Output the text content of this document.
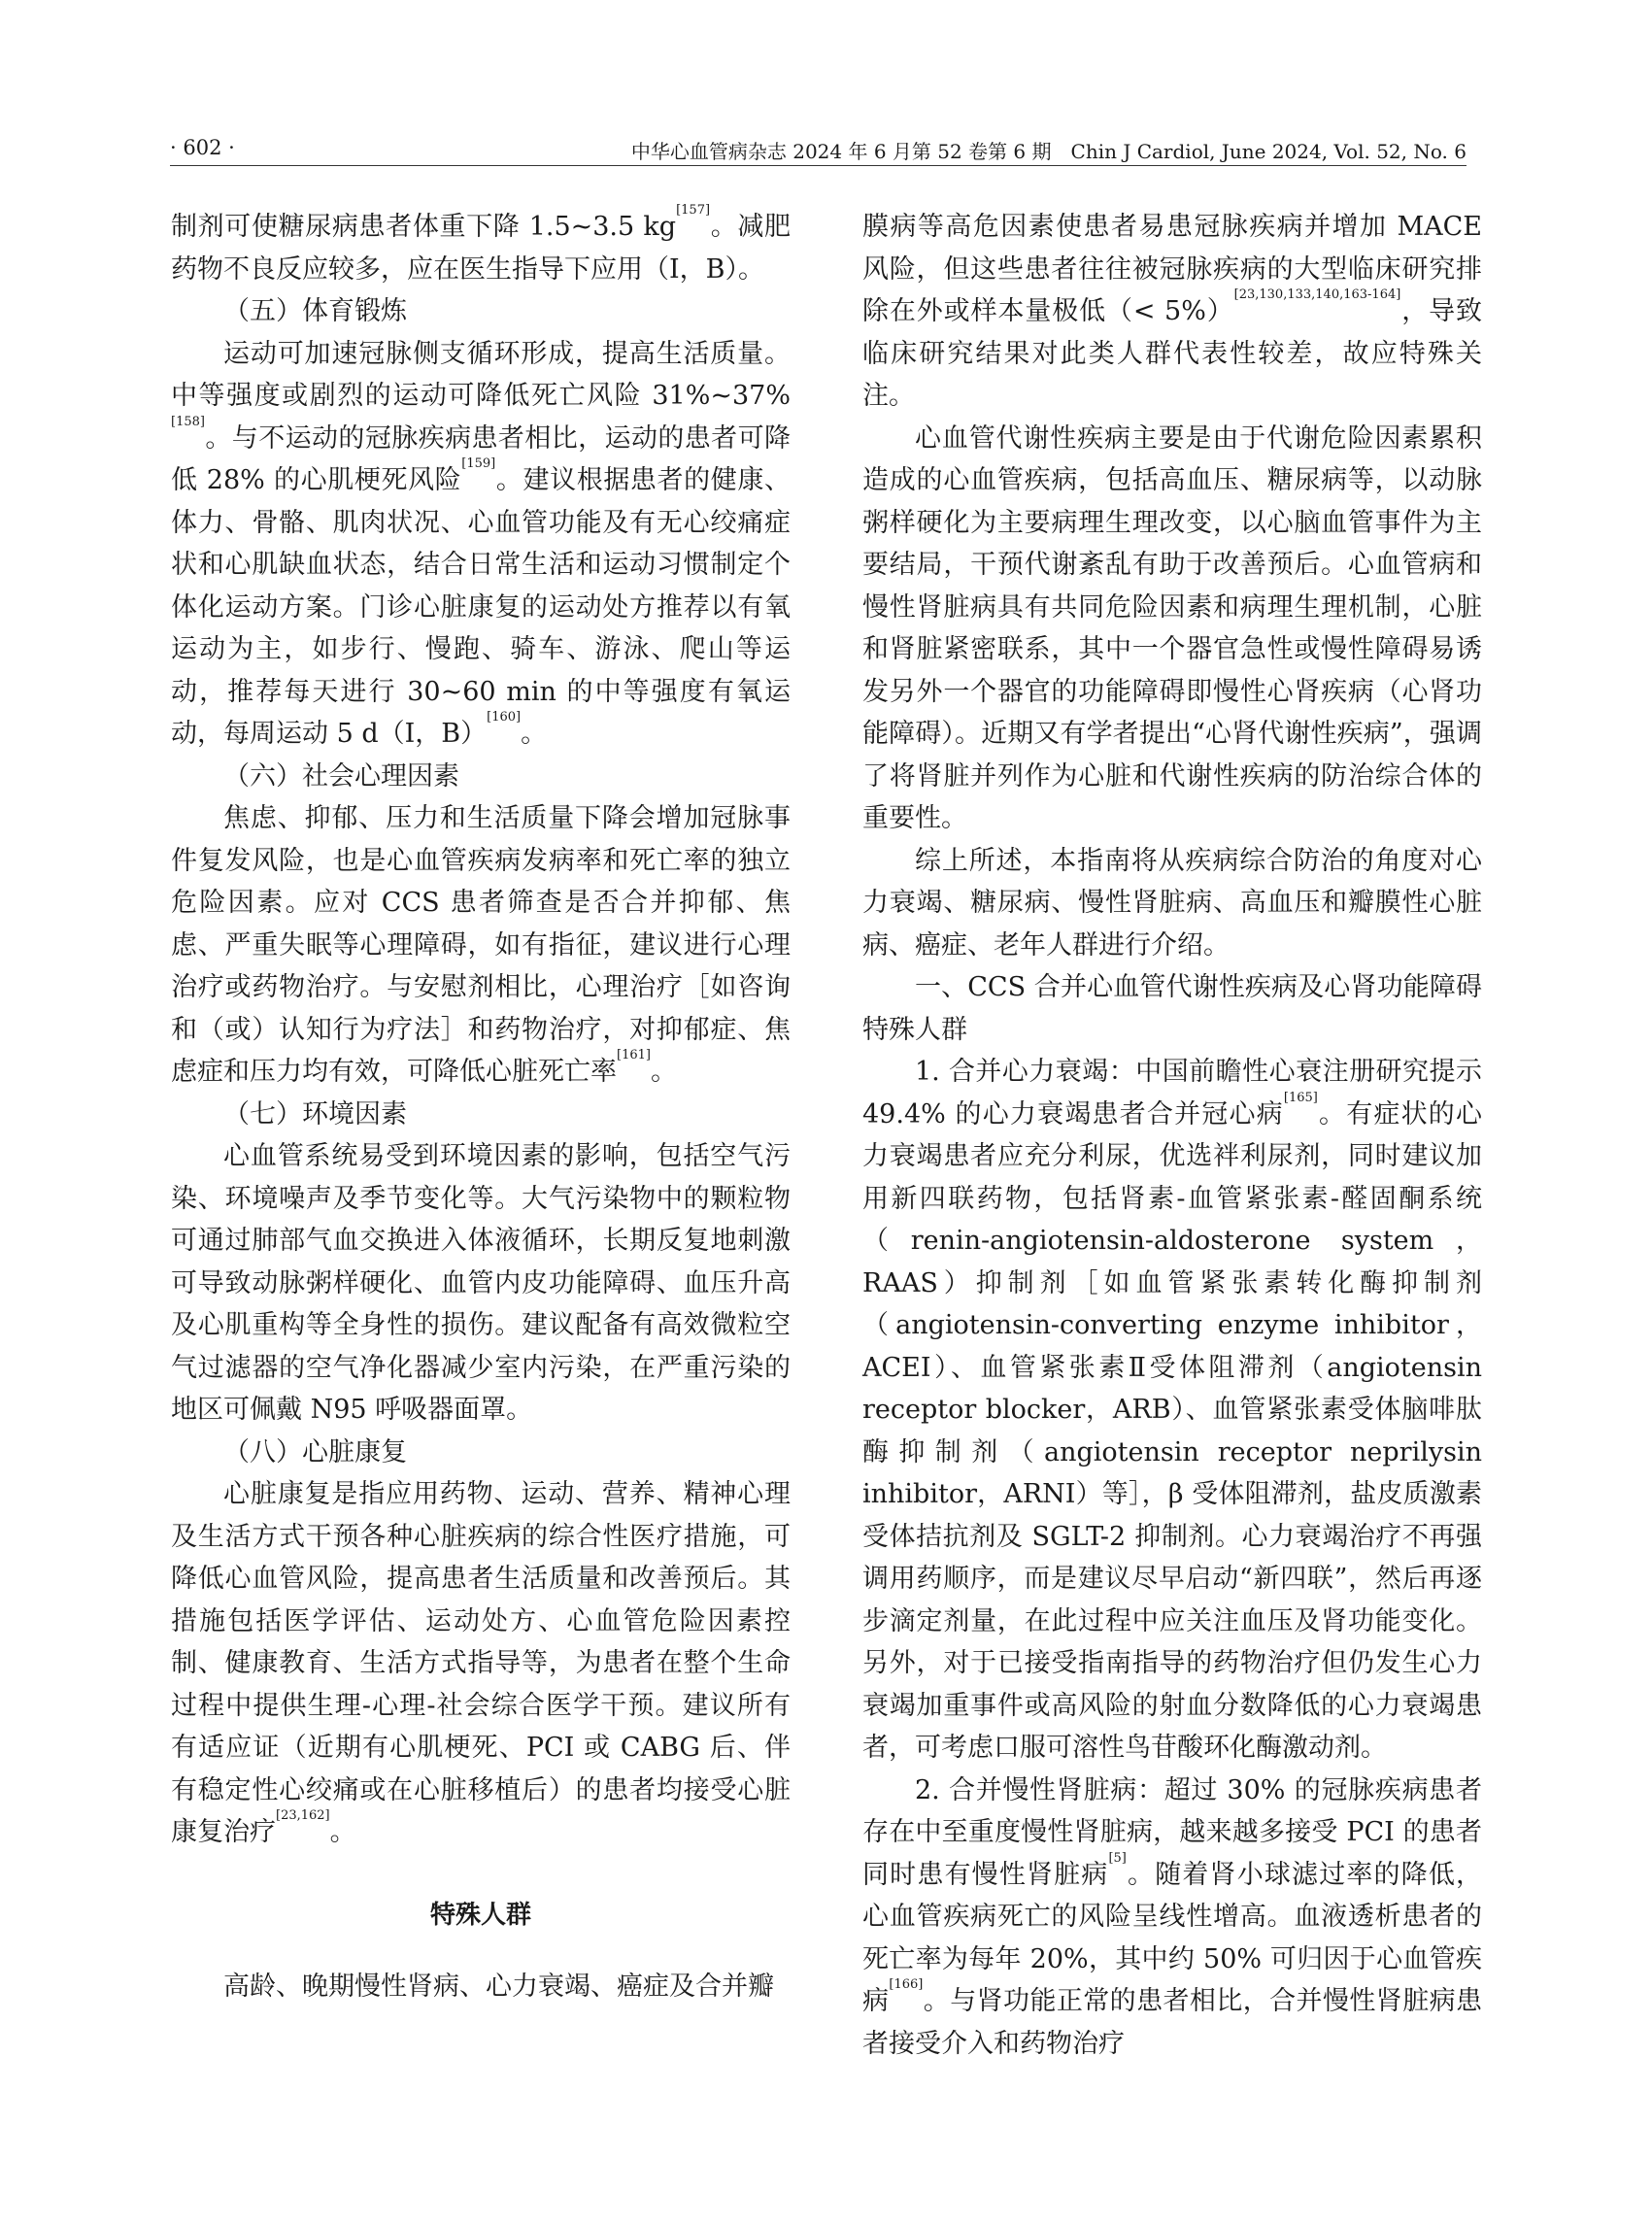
· 602 ·	中华心血管病杂志 2024 年 6 月第 52 卷第 6 期　Chin J Cardiol, June 2024, Vol. 52, No. 6

制剂可使糖尿病患者体重下降 1.5~3.5 kg[157]。减肥药物不良反应较多，应在医生指导下应用（Ⅰ，B）。

（五）体育锻炼

运动可加速冠脉侧支循环形成，提高生活质量。中等强度或剧烈的运动可降低死亡风险 31%~37%[158]。与不运动的冠脉疾病患者相比，运动的患者可降低 28% 的心肌梗死风险[159]。建议根据患者的健康、体力、骨骼、肌肉状况、心血管功能及有无心绞痛症状和心肌缺血状态，结合日常生活和运动习惯制定个体化运动方案。门诊心脏康复的运动处方推荐以有氧运动为主，如步行、慢跑、骑车、游泳、爬山等运动，推荐每天进行 30~60 min 的中等强度有氧运动，每周运动 5 d（Ⅰ，B）[160]。

（六）社会心理因素

焦虑、抑郁、压力和生活质量下降会增加冠脉事件复发风险，也是心血管疾病发病率和死亡率的独立危险因素。应对 CCS 患者筛查是否合并抑郁、焦虑、严重失眠等心理障碍，如有指征，建议进行心理治疗或药物治疗。与安慰剂相比，心理治疗［如咨询和（或）认知行为疗法］和药物治疗，对抑郁症、焦虑症和压力均有效，可降低心脏死亡率[161]。

（七）环境因素

心血管系统易受到环境因素的影响，包括空气污染、环境噪声及季节变化等。大气污染物中的颗粒物可通过肺部气血交换进入体液循环，长期反复地刺激可导致动脉粥样硬化、血管内皮功能障碍、血压升高及心肌重构等全身性的损伤。建议配备有高效微粒空气过滤器的空气净化器减少室内污染，在严重污染的地区可佩戴 N95 呼吸器面罩。

（八）心脏康复

心脏康复是指应用药物、运动、营养、精神心理及生活方式干预各种心脏疾病的综合性医疗措施，可降低心血管风险，提高患者生活质量和改善预后。其措施包括医学评估、运动处方、心血管危险因素控制、健康教育、生活方式指导等，为患者在整个生命过程中提供生理-心理-社会综合医学干预。建议所有有适应证（近期有心肌梗死、PCI 或 CABG 后、伴有稳定性心绞痛或在心脏移植后）的患者均接受心脏康复治疗[23,162]。

特殊人群

高龄、晚期慢性肾病、心力衰竭、癌症及合并瓣

膜病等高危因素使患者易患冠脉疾病并增加 MACE 风险，但这些患者往往被冠脉疾病的大型临床研究排除在外或样本量极低（< 5%）[23,130,133,140,163-164]，导致临床研究结果对此类人群代表性较差，故应特殊关注。

心血管代谢性疾病主要是由于代谢危险因素累积造成的心血管疾病，包括高血压、糖尿病等，以动脉粥样硬化为主要病理生理改变，以心脑血管事件为主要结局，干预代谢紊乱有助于改善预后。心血管病和慢性肾脏病具有共同危险因素和病理生理机制，心脏和肾脏紧密联系，其中一个器官急性或慢性障碍易诱发另外一个器官的功能障碍即慢性心肾疾病（心肾功能障碍）。近期又有学者提出“心肾代谢性疾病”，强调了将肾脏并列作为心脏和代谢性疾病的防治综合体的重要性。

综上所述，本指南将从疾病综合防治的角度对心力衰竭、糖尿病、慢性肾脏病、高血压和瓣膜性心脏病、癌症、老年人群进行介绍。

一、CCS 合并心血管代谢性疾病及心肾功能障碍特殊人群

1. 合并心力衰竭：中国前瞻性心衰注册研究提示 49.4% 的心力衰竭患者合并冠心病[165]。有症状的心力衰竭患者应充分利尿，优选袢利尿剂，同时建议加用新四联药物，包括肾素-血管紧张素-醛固酮系统（renin-angiotensin-aldosterone system，RAAS）抑制剂［如血管紧张素转化酶抑制剂（angiotensin-converting enzyme inhibitor，ACEI）、血管紧张素Ⅱ受体阻滞剂（angiotensin receptor blocker，ARB）、血管紧张素受体脑啡肽酶抑制剂（angiotensin receptor neprilysin inhibitor，ARNI）等］，β 受体阻滞剂，盐皮质激素受体拮抗剂及 SGLT-2 抑制剂。心力衰竭治疗不再强调用药顺序，而是建议尽早启动“新四联”，然后再逐步滴定剂量，在此过程中应关注血压及肾功能变化。另外，对于已接受指南指导的药物治疗但仍发生心力衰竭加重事件或高风险的射血分数降低的心力衰竭患者，可考虑口服可溶性鸟苷酸环化酶激动剂。

2. 合并慢性肾脏病：超过 30% 的冠脉疾病患者存在中至重度慢性肾脏病，越来越多接受 PCI 的患者同时患有慢性肾脏病[5]。随着肾小球滤过率的降低，心血管疾病死亡的风险呈线性增高。血液透析患者的死亡率为每年 20%，其中约 50% 可归因于心血管疾病[166]。与肾功能正常的患者相比，合并慢性肾脏病患者接受介入和药物治疗
